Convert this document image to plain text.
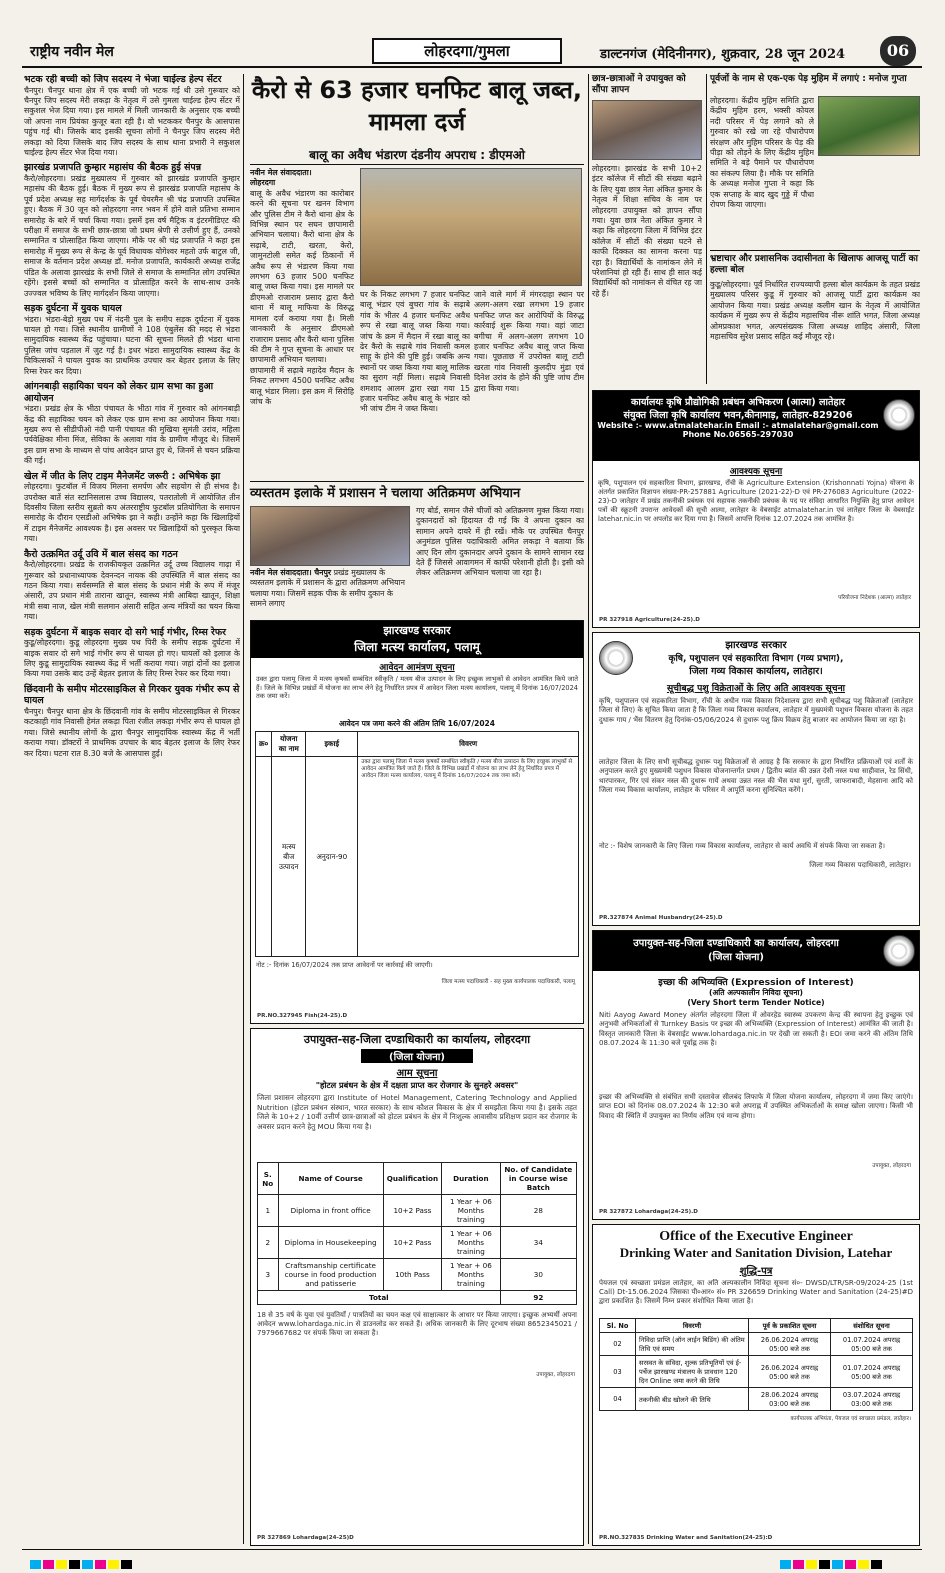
राष्ट्रीय नवीन मेल	लोहरदगा/गुमला	डाल्टनगंज (मेदिनीनगर), शुक्रवार, 28 जून 2024	06
भटक रही बच्ची को जिप सदस्य ने भेजा चाईल्ड हेल्प सेंटर
चैनपुर। चैनपुर थाना क्षेत्र में एक बच्ची जो भटक गई थी उसे गुरूवार को चैनपुर जिप सदस्य मेरी लकड़ा के नेतृत्व में उसे गुमला चाईल्ड हेल्प सेंटर में सकुशल भेज दिया गया। इस मामले में मिली जानकारी के अनुसार एक बच्ची जो अपना नाम प्रियंका कुजूर बता रही है। वो भटककर चैनपुर के आसपास पहुंच गई थी। जिसके बाद इसकी सूचना लोगों ने चैनपुर जिप सदस्य मेरी लकड़ा को दिया जिसके बाद जिप सदस्य के साथ थाना प्रभारी ने सकुशल चाईल्ड हेल्प सेंटर भेज दिया गया।
झारखंड प्रजापति कुम्हार महासंघ की बैठक हुई संपन्न
कैरो/लोहरदगा। प्रखंड मुख्यालय में गुरुवार को झारखंड प्रजापति कुम्हार महासंघ की बैठक हुई। बैठक में मुख्य रूप से झारखंड प्रजापति महासंघ के पूर्व प्रदेश अध्यक्ष सह मार्गदर्शक के पूर्व चेयरमैन श्री चंद्र प्रजापति उपस्थित हुए। बैठक में 30 जून को लोहरदगा नगर भवन में होने वाले प्रतिभा सम्मान समारोह के बारे में चर्चा किया गया। इसमें इस वर्ष मैट्रिक व इंटरमीडिएट की परीक्षा में समाज के सभी छात्र-छात्रा जो प्रथम श्रेणी से उत्तीर्ण हुए हैं, उनको सम्मानित व प्रोत्साहित किया जाएगा। मौके पर श्री चंद्र प्रजापति ने कहा इस समारोह में मुख्य रूप से केन्द्र के पूर्व विधायक योगेश्वर महतो उर्फ बाटुल जी, समाज के वर्तमान प्रदेश अध्यक्ष डॉ. मनोज प्रजापति, कार्यकारी अध्यक्ष राजेंद्र पंडित के अलावा झारखंड के सभी जिले से समाज के सम्मानित लोग उपस्थित रहेंगे। इससे बच्चों को सम्मानित व प्रोत्साहित करने के साथ-साथ उनके उज्ज्वल भविष्य के लिए मार्गदर्शन किया जाएगा।
सड़क दुर्घटना में युवक घायल
भंडरा। भंडरा-बेड़ो मुख्य पथ में नंदनी पुल के समीप सड़क दुर्घटना में युवक घायल हो गया। जिसे स्थानीय ग्रामीणों ने 108 एंबुलेंस की मदद से भंडरा सामुदायिक स्वास्थ्य केंद्र पहुंचाया। घटना की सूचना मिलते ही भंडरा थाना पुलिस जांच पड़ताल में जुट गई है। इधर भंडरा सामुदायिक स्वास्थ्य केंद्र के चिकित्सकों ने घायल युवक का प्राथमिक उपचार कर बेहतर इलाज के लिए रिम्स रेफर कर दिया।
आंगनबाड़ी सहायिका चयन को लेकर ग्राम सभा का हुआ आयोजन
भंडरा। प्रखंड क्षेत्र के भीठा पंचायत के भीठा गांव में गुरुवार को आंगनबाड़ी केंद्र की सहायिका चयन को लेकर एक ग्राम सभा का आयोजन किया गया। मुख्य रूप से सीडीपीओ नंदी पानी पंचायत की मुखिया सुमंती उरांव, महिला पर्यवेक्षिका मीना मिंज, सेविका के अलावा गांव के ग्रामीण मौजूद थे। जिसमें इस ग्राम सभा के माध्यम से पांच आवेदन प्राप्त हुए थे, जिनमें से चयन प्रक्रिया की गई।
खेल में जीत के लिए टाइम मैनेजमेंट जरूरी : अभिषेक झा
लोहरदगा। फुटबॉल में विजय मिलना समर्पण और सहयोग से ही संभव है। उपरोक्त बातें संत स्टानिसलास उच्च विद्यालय, पतरातोली में आयोजित तीन दिवसीय जिला स्तरीय सुब्रतो कप अंतरराष्ट्रीय फुटबॉल प्रतियोगिता के समापन समारोह के दौरान एसडीओ अभिषेक झा ने कही। उन्होंने कहा कि खिलाड़ियों में टाइम मैनेजमेंट आवश्यक है। इस अवसर पर खिलाड़ियों को पुरस्कृत किया गया।
कैरो उत्क्रमित उर्दू उवि में बाल संसद का गठन
कैरो/लोहरदगा। प्रखंड के राजकीयकृत उत्क्रमित उर्दू उच्च विद्यालय गाढ़ा में गुरूवार को प्रधानाध्यापक देवनन्दन नायक की उपस्थिति में बाल संसद का गठन किया गया। सर्वसम्मति से बाल संसद के प्रधान मंत्री के रूप में मंजूर अंसारी, उप प्रधान मंत्री ताराना खातून, स्वास्थ्य मंत्री आबिदा खातून, शिक्षा मंत्री सबा नाज, खेल मंत्री सलमान अंसारी सहित अन्य मंत्रियों का चयन किया गया।
सड़क दुर्घटना में बाइक सवार दो सगे भाई गंभीर, रिम्स रेफर
कुडू/लोहरदगा। कुडू लोहरदगा मुख्य पथ पिरी के समीप सड़क दुर्घटना में बाइक सवार दो सगे भाई गंभीर रूप से घायल हो गए। घायलों को इलाज के लिए कुडू सामुदायिक स्वास्थ्य केंद्र में भर्ती कराया गया। जहां दोनों का इलाज किया गया उसके बाद उन्हें बेहतर इलाज के लिए रिम्स रेफर कर दिया गया।
छिंदवानी के समीप मोटरसाइकिल से गिरकर युवक गंभीर रूप से घायल
चैनपुर। चैनपुर थाना क्षेत्र के छिंदवानी गांव के समीप मोटरसाइकिल से गिरकर कटकाही गांव निवासी हेमंत लकड़ा पिता रंजीत लकड़ा गंभीर रूप से घायल हो गया। जिसे स्थानीय लोगों के द्वारा चैनपुर सामुदायिक स्वास्थ्य केंद्र में भर्ती कराया गया। डॉक्टरों ने प्राथमिक उपचार के बाद बेहतर इलाज के लिए रेफर कर दिया। घटना रात 8.30 बजे के आसपास हुई।
कैरो से 63 हजार घनफिट बालू जब्त, मामला दर्ज
बालू का अवैध भंडारण दंडनीय अपराध : डीएमओ
नवीन मेल संवाददाता।
लोहरदगा
बालू के अवैध भंडारण का कारोबार करने की सूचना पर खनन विभाग और पुलिस टीम ने कैरो थाना क्षेत्र के विभिन्न स्थान पर सघन छापामारी अभियान चलाया। कैरो थाना क्षेत्र के सढ़ाबे, टाटी, खरता, केरो, जामुनटोली समेत कई ठिकानों में अवैध रूप से भंडारण किया गया लगभग 63 हजार 500 घनफिट बालू जब्त किया गया। इस मामले पर डीएमओ राजाराम प्रसाद द्वारा कैरो थाना में बालू माफिया के विरुद्ध मामला दर्ज कराया गया है। मिली जानकारी के अनुसार डीएमओ राजाराम प्रसाद और कैरो थाना पुलिस की टीम ने गुप्त सूचना के आधार पर छापामारी अभियान चलाया।
छापामारी में सढ़ाबे महादेव मैदान के निकट लगभग 4500 घनफिट अवैध बालू भंडार मिला। इस क्रम में सिरोहि जांच के
घर के निकट लगभग 7 हजार घनफिट बालू भंडार एवं बुचरा गांव के सढ़ाबे गांव के भीतर 4 हजार घनफिट अवैध रूप से रखा बालू जब्त किया गया। जांच के क्रम में मैदान में रखा बालू का ढेर कैरो के सढ़ाबे गांव निवासी कमल साहू के होने की पुष्टि हुई। जबकि अन्य स्थानों पर जब्त किया गया बालू मालिक का सुराग नहीं मिला। सढ़ाबे निवासी शमशाद आलम द्वारा रखा गया 15 हजार घनफिट अवैध बालू के भंडार को भी जांच टीम ने जब्त किया।
जाने वाले मार्ग में मंगरदाहा स्थान पर अलग-अलग रखा लगभग 19 हजार घनफिट जप्त कर आरोपियों के विरुद्ध कार्रवाई शुरू किया गया। वहां जाटा बगीचा में अलग-अलग लगभग 10 हजार घनफिट अवैध बालू जप्त किया गया। पूछताछ में उपरोक्त बालू टाटी खरता गांव निवासी कुलदीप मुंडा एवं दिनेश उरांव के होने की पुष्टि जांच टीम द्वारा किया गया।
व्यस्ततम इलाके में प्रशासन ने चलाया अतिक्रमण अभियान
नवीन मेल संवाददाता। चैनपुर प्रखंड मुख्यालय के व्यस्ततम इलाके में प्रशासन के द्वारा अतिक्रमण अभियान चलाया गया। जिसमें सड़क पीक के समीप दुकान के सामने लगाए
गए बोर्ड, समान जैसे चीजों को अतिक्रमण मुक्त किया गया। दुकानदारों को हिदायत दी गई कि वे अपना दुकान का सामान अपने दायरे में ही रखें। मौके पर उपस्थित चैनपुर अनुमंडल पुलिस पदाधिकारी अमित लकड़ा ने बताया कि आए दिन लोग दुकानदार अपने दुकान के सामने सामान रख देते हैं जिससे आवागमन में काफी परेशानी होती है। इसी को लेकर अतिक्रमण अभियान चलाया जा रहा है।
झारखण्ड सरकार
जिला मत्स्य कार्यालय, पलामू
आवेदन आमंत्रण सूचना
उक्त द्वारा पलामू जिला में मत्स्य कृषकों सम्बंधित स्वीकृति / मत्स्य बीज उत्पादन के लिए इच्छुक लाभुकों से आवेदन आमंत्रित किये जाते हैं। जिले के विभिन्न प्रखंडों में योजना का लाभ लेने हेतु निर्धारित प्रपत्र में आवेदन जिला मत्स्य कार्यालय, पलामू में दिनांक 16/07/2024 तक जमा करें।
आवेदन पत्र जमा करने की अंतिम तिथि 16/07/2024
क्र०	योजना का नाम	इकाई	विवरण
	मत्स्य बीज उत्पादन	अनुदान-90	उक्त द्वारा पलामू जिला में मत्स्य कृषकों सम्बंधित स्वीकृति / मत्स्य बीज उत्पादन के लिए इच्छुक लाभुकों से आवेदन आमंत्रित किये जाते हैं। जिले के विभिन्न प्रखंडों में योजना का लाभ लेने हेतु निर्धारित प्रपत्र में आवेदन जिला मत्स्य कार्यालय, पलामू में दिनांक 16/07/2024 तक जमा करें।
नोट :- दिनांक 16/07/2024 तक प्राप्त आवेदनों पर कार्रवाई की जाएगी।
जिला मत्स्य पदाधिकारी - सह मुख्य कार्यपालक पदाधिकारी, पलामू
PR.NO.327945 Fish(24-25).D
उपायुक्त-सह-जिला दण्डाधिकारी का कार्यालय, लोहरदगा
(जिला योजना)
आम सूचना
"होटल प्रबंधन के क्षेत्र में दक्षता प्राप्त कर रोजगार के सुनहरे अवसर"
जिला प्रशासन लोहरदगा द्वारा Institute of Hotel Management, Catering Technology and Applied Nutrition (होटल प्रबंधन संस्थान, भारत सरकार) के साथ कौशल विकास के क्षेत्र में समझौता किया गया है। इसके तहत जिले के 10+2 / 10वीं उत्तीर्ण छात्र-छात्राओं को होटल प्रबंधन के क्षेत्र में निःशुल्क आवासीय प्रशिक्षण प्रदान कर रोजगार के अवसर प्रदान करने हेतु MOU किया गया है।
S. No	Name of Course	Qualification	Duration	No. of Candidate in Course wise Batch
1	Diploma in front office	10+2 Pass	1 Year + 06 Months training	28
2	Diploma in Housekeeping	10+2 Pass	1 Year + 06 Months training	34
3	Craftsmanship certificate course in food production and patisserie	10th Pass	1 Year + 06 Months training	30
Total				92
18 से 35 वर्ष के युवा एवं युवतियाँ / पात्रतियों का चयन कक्ष एवं साक्षात्कार के आधार पर किया जाएगा। इच्छुक अभ्यर्थी अपना आवेदन www.lohardaga.nic.in से डाउनलोड कर सकते हैं। अधिक जानकारी के लिए दूरभाष संख्या 8652345021 / 7979667682 पर संपर्क किया जा सकता है।
उपायुक्त, लोहरदगा
PR 327869 Lohardaga(24-25)D
छात्र-छात्राओं ने उपायुक्त को सौंपा ज्ञापन
लोहरदगा। झारखंड के सभी 10+2 इंटर कॉलेज में सीटों की संख्या बढ़ाने के लिए युवा छात्र नेता अंकित कुमार के नेतृत्व में शिक्षा सचिव के नाम पर लोहरदगा उपायुक्त को ज्ञापन सौंपा गया। युवा छात्र नेता अंकित कुमार ने कहा कि लोहरदगा जिला में विभिन्न इंटर कॉलेज में सीटों की संख्या घटने से काफी दिक्कत का सामना करना पड़ रहा है। विद्यार्थियों के नामांकन लेने में परेशानियां हो रही हैं। साथ ही सात कई विद्यार्थियों को नामांकन से वंचित रह जा रहे हैं।
पूर्वजों के नाम से एक-एक पेड़ मुहिम में लगाएं : मनोज गुप्ता
लोहरदगा। केंद्रीय मुहिम समिति द्वारा केंद्रीय मुहिम हरम, भक्सी कोयल नदी परिसर में पेड़ लगाने को ले गुरुवार को रखे जा रहे पौधारोपण संरक्षण और मुहिम परिसर के पेड़ की पीड़ा को तोड़ने के लिए केंद्रीय मुहिम समिति ने बड़े पैमाने पर पौधारोपण का संकल्प लिया है। मौके पर समिति के अध्यक्ष मनोज गुप्ता ने कहा कि एक सप्ताह के बाद खुद गुड्डे में पौधा रोपण किया जाएगा।
भ्रष्टाचार और प्रशासनिक उदासीनता के खिलाफ आजसू पार्टी का हल्ला बोल
कुडू/लोहरदगा। पूर्व निर्धारित राज्यव्यापी हल्ला बोल कार्यक्रम के तहत प्रखंड मुख्यालय परिसर कुडू में गुरुवार को आजसू पार्टी द्वारा कार्यक्रम का आयोजन किया गया। प्रखंड अध्यक्ष कलीम खान के नेतृत्व में आयोजित कार्यक्रम में मुख्य रूप से केंद्रीय महासचिव नीरू शांति भगत, जिला अध्यक्ष ओमप्रकाश भगत, अल्पसंख्यक जिला अध्यक्ष शाहिद अंसारी, जिला महासचिव सुरेश प्रसाद सहित कई मौजूद रहे।
कार्यालयः कृषि प्रौद्योगिकी प्रबंधन अभिकरण (आत्मा) लातेहार
संयुक्त जिला कृषि कार्यालय भवन,कीनामाड़, लातेहार-829206
Website :- www.atmalatehar.in Email :- atmalatehar@gmail.com
Phone No.06565-297030
आवश्यक सूचना
कृषि, पशुपालन एवं सहकारिता विभाग, झारखण्ड, राँची के Agriculture Extension (Krishonnati Yojna) योजना के अंतर्गत प्रकाशित विज्ञापन संख्या-PR-257881 Agriculture (2021-22)-D एवं PR-276083 Agriculture (2022-23)-D जातेहार में प्रखंड तकनीकी प्रबंधक एवं सहायक तकनीकी प्रबंधक के पद पर संविदा आधारित नियुक्ति हेतु प्राप्त आवेदन पत्रों की स्क्रूटनी उपरान्त आवेदकों की सूची आत्मा, लातेहार के वेबसाईट atmalatehar.in एवं लातेहार जिला के वेबसाईट latehar.nic.in पर अपलोड कर दिया गया है। जिसमें आपत्ति दिनांक 12.07.2024 तक आमंत्रित है।
परियोजना निदेशक (आत्मा) लातेहार
PR 327918 Agriculture(24-25).D
झारखण्ड सरकार
कृषि, पशुपालन एवं सहकारिता विभाग (गव्य प्रभाग),
जिला गव्य विकास कार्यालय, लातेहार।
सूचीबद्ध पशु विक्रेताओं के लिए अति आवश्यक सूचना
कृषि, पशुपालन एवं सहकारिता विभाग, राँची के अधीन गव्य विकास निदेशालय द्वारा सभी सूचीबद्ध पशु विक्रेताओं (लातेहार जिला से लिए) के सूचित किया जाता है कि जिला गव्य विकास कार्यालय, लातेहार में मुख्यमंत्री पशुधन विकास योजना के तहत दुधारू गाय / भैंस वितरण हेतु दिनांक-05/06/2024 से दुधारू पशु क्रिय विक्रय हेतु बाजार का आयोजन किया जा रहा है।
लातेहार जिला के लिए सभी सूचीबद्ध दुधारू पशु विक्रेताओं से आग्रह है कि सरकार के द्वारा निर्धारित प्रक्रियाओं एवं शर्तों के अनुपालन करते हुए मुख्यमंत्री पशुधन विकास योजनान्तर्गत प्रथम / द्वितीय ब्यांत की उन्नत देसी नस्ल यथा साहीवाल, रेड सिंधी, थारपारकर, गिर एवं संकर नस्ल की दुधारू गायें अथवा उन्नत नस्ल की भैंस यथा मुर्रा, सुरती, जाफराबादी, मेहसाना आदि को जिला गव्य विकास कार्यालय, लातेहार के परिसर में आपूर्ति करना सुनिश्चित करेंगे।
नोट :- विशेष जानकारी के लिए जिला गव्य विकास कार्यालय, लातेहार से कार्य अवधि में संपर्क किया जा सकता है।
जिला गव्य विकास पदाधिकारी, लातेहार।
PR.327874 Animal Husbandry(24-25).D
उपायुक्त-सह-जिला दण्डाधिकारी का कार्यालय, लोहरदगा
(जिला योजना)
इच्छा की अभिव्यक्ति (Expression of Interest)
(अति अल्पकालीन निविदा सूचना)
(Very Short term Tender Notice)
Niti Aayog Award Money अंतर्गत लोहरदगा जिला में ओवरहेड स्वास्थ्य उपकरण केन्द्र की स्थापना हेतु इच्छुक एवं अनुभवी अभिकर्ताओं से Turnkey Basis पर इच्छा की अभिव्यक्ति (Expression of Interest) आमंत्रित की जाती है। विस्तृत जानकारी जिला के वेबसाईट www.lohardaga.nic.in पर देखी जा सकती है। EOI जमा करने की अंतिम तिथि 08.07.2024 के 11:30 बजे पूर्वाह्न तक है।
इच्छा की अभिव्यक्ति से संबंधित सभी दस्तावेज सीलबंद लिफाफे में जिला योजना कार्यालय, लोहरदगा में जमा किए जाएंगे। प्राप्त EOI को दिनांक 08.07.2024 के 12:30 बजे अपराह्न में उपस्थित अभिकर्ताओं के समक्ष खोला जाएगा। किसी भी विवाद की स्थिति में उपायुक्त का निर्णय अंतिम एवं मान्य होगा।
उपायुक्त, लोहरदगा
PR 327872 Lohardaga(24-25).D
Office of the Executive Engineer
Drinking Water and Sanitation Division, Latehar
शुद्धि-पत्र
पेयजल एवं स्वच्छता प्रमंडल लातेहार, का अति अल्पकालीन निविदा सूचना सं०- DWSD/LTR/SR-09/2024-25 (1st Call) Dt-15.06.2024 जिसका पी०आर० सं० PR 326659 Drinking Water and Sanitation (24-25)#D द्वारा प्रकाशित है। जिसमें निम्न प्रकार संशोधित किया जाता है।
Sl. No	विवरणी	पूर्व के प्रकाशित सूचना	संशोधित सूचना
02	निविदा प्राप्ति (ऑन लाईन बिडिंग) की अंतिम तिथि एवं समय	26.06.2024 अपराह्न 05:00 बजे तक	01.07.2024 अपराह्न 05:00 बजे तक
03	सरस्वत के संविदा, शुल्क प्रतिभूतियों एवं ई-पर्चेज झारखण्ड मंत्रालय के प्रावधान 120 दिन Online जमा करने की तिथि	26.06.2024 अपराह्न 05:00 बजे तक	01.07.2024 अपराह्न 05:00 बजे तक
04	तकनीकी बीड खोलने की तिथि	28.06.2024 अपराह्न 03:00 बजे तक	03.07.2024 अपराह्न 03:00 बजे तक
कार्यपालक अभियंता, पेयजल एवं स्वच्छता प्रमंडल, लातेहार।
PR.NO.327835 Drinking Water and Sanitation(24-25):D
